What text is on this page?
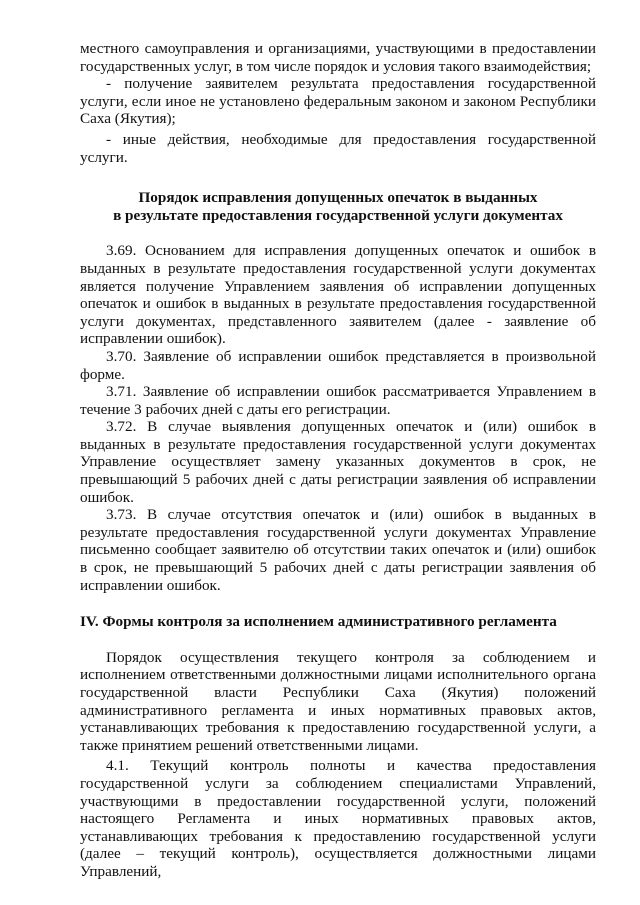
местного самоуправления и организациями, участвующими в предоставлении государственных услуг, в том числе порядок и условия такого взаимодействия;

- получение заявителем результата предоставления государственной услуги, если иное не установлено федеральным законом и законом Республики Саха (Якутия);

- иные действия, необходимые для предоставления государственной услуги.

Порядок исправления допущенных опечаток в выданных
в результате предоставления государственной услуги документах

3.69. Основанием для исправления допущенных опечаток и ошибок в выданных в результате предоставления государственной услуги документах является получение Управлением заявления об исправлении допущенных опечаток и ошибок в выданных в результате предоставления государственной услуги документах, представленного заявителем (далее - заявление об исправлении ошибок).

3.70. Заявление об исправлении ошибок представляется в произвольной форме.

3.71. Заявление об исправлении ошибок рассматривается Управлением в течение 3 рабочих дней с даты его регистрации.

3.72. В случае выявления допущенных опечаток и (или) ошибок в выданных в результате предоставления государственной услуги документах Управление осуществляет замену указанных документов в срок, не превышающий 5 рабочих дней с даты регистрации заявления об исправлении ошибок.

3.73. В случае отсутствия опечаток и (или) ошибок в выданных в результате предоставления государственной услуги документах Управление письменно сообщает заявителю об отсутствии таких опечаток и (или) ошибок в срок, не превышающий 5 рабочих дней с даты регистрации заявления об исправлении ошибок.

IV. Формы контроля за исполнением административного регламента

Порядок осуществления текущего контроля за соблюдением и исполнением ответственными должностными лицами исполнительного органа государственной власти Республики Саха (Якутия) положений административного регламента и иных нормативных правовых актов, устанавливающих требования к предоставлению государственной услуги, а также принятием решений ответственными лицами.

4.1. Текущий контроль полноты и качества предоставления государственной услуги за соблюдением специалистами Управлений, участвующими в предоставлении государственной услуги, положений настоящего Регламента и иных нормативных правовых актов, устанавливающих требования к предоставлению государственной услуги (далее – текущий контроль), осуществляется должностными лицами Управлений,
